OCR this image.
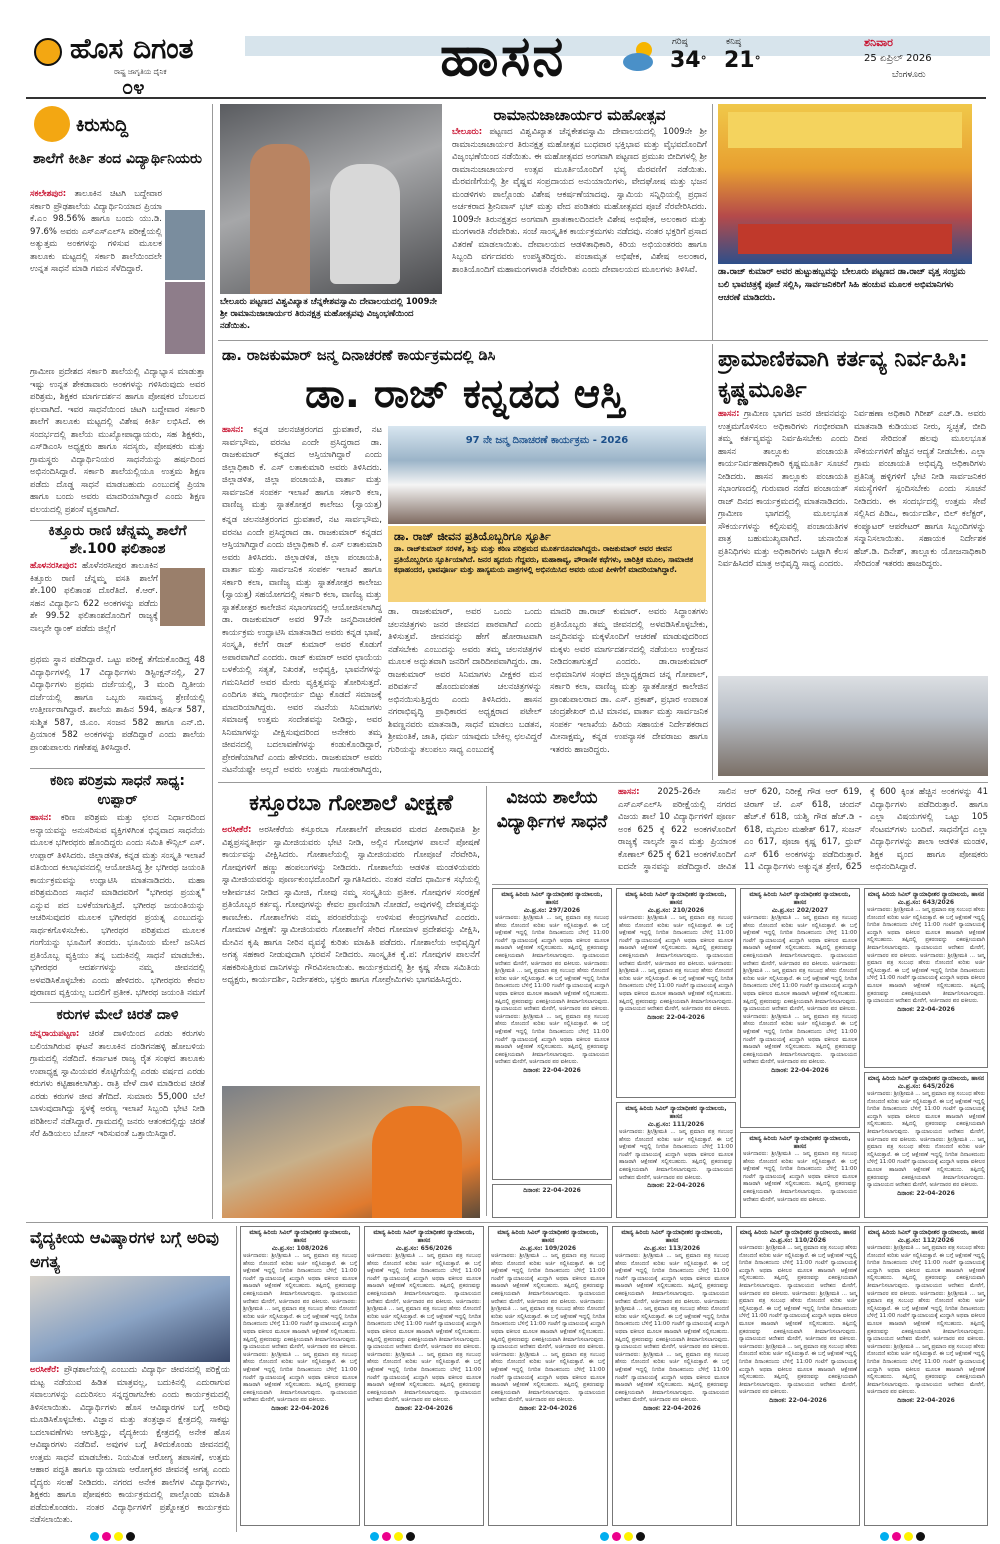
ಹೊಸ ದಿಗಂತ
ರಾಷ್ಟ್ರ ಜಾಗೃತಿಯ ದೈನಿಕ
೦೪	ಹಾಸನ	ಗರಿಷ್ಠ
34°
ಕನಿಷ್ಠ
21°
ಶನಿವಾರ
25 ಏಪ್ರಿಲ್ 2026
ಬೆಂಗಳೂರು
ಕಿರುಸುದ್ದಿ
ಶಾಲೆಗೆ ಕೀರ್ತಿ ತಂದ ವಿದ್ಯಾರ್ಥಿನಿಯರು
ಸಕಲೇಶಪುರ: ತಾಲೂಕಿನ ಚಿಟಗಿ ಬದ್ದೇವಾರ ಸರ್ಕಾರಿ ಪ್ರೌಢಶಾಲೆಯ ವಿದ್ಯಾರ್ಥಿನಿಯಾದ ಪ್ರಿಯಾ ಕೆ.ಎ೦ 98.56% ಹಾಗೂ ಬಂದು ಯು.ಡಿ. 97.6% ಅವರು ಎಸ್ಎಸ್ಎಲ್‌ಸಿ ಪರೀಕ್ಷೆಯಲ್ಲಿ ಅತ್ಯುತ್ತಮ ಅಂಕಗಳನ್ನು ಗಳಿಸುವ ಮೂಲಕ ತಾಲೂಕು ಮಟ್ಟದಲ್ಲಿ ಸರ್ಕಾರಿ ಶಾಲೆಯಿಂದಲೇ ಉನ್ನತ ಸಾಧನೆ ಮಾಡಿ ಗಮನ ಸೆಳೆದಿದ್ದಾರೆ.
ಗ್ರಾಮೀಣ ಪ್ರದೇಶದ ಸರ್ಕಾರಿ ಶಾಲೆಯಲ್ಲಿ ವಿದ್ಯಾಭ್ಯಾಸ ಮಾಡುತ್ತಾ ಇಷ್ಟು ಉನ್ನತ ಶೇಕಡಾವಾರು ಅಂಕಗಳನ್ನು ಗಳಿಸಿರುವುದು ಅವರ ಪರಿಶ್ರಮ, ಶಿಕ್ಷಕರ ಮಾರ್ಗದರ್ಶನ ಹಾಗೂ ಪೋಷಕರ ಬೆಂಬಲದ ಫಲವಾಗಿದೆ. ಇವರ ಸಾಧನೆಯಿಂದ ಚಿಟಗಿ ಬದ್ದೇವಾರ ಸರ್ಕಾರಿ ಶಾಲೆಗೆ ತಾಲೂಕು ಮಟ್ಟದಲ್ಲಿ ವಿಶೇಷ ಕೀರ್ತಿ ಲಭಿಸಿದೆ. ಈ ಸಂದರ್ಭದಲ್ಲಿ ಶಾಲೆಯ ಮುಖ್ಯೋಪಾಧ್ಯಾಯರು, ಸಹ ಶಿಕ್ಷಕರು, ಎಸ್‌ಡಿಎಂಸಿ ಅಧ್ಯಕ್ಷರು ಹಾಗೂ ಸದಸ್ಯರು, ಪೋಷಕರು ಮತ್ತು ಗ್ರಾಮಸ್ಥರು ವಿದ್ಯಾರ್ಥಿನಿಯರ ಸಾಧನೆಯನ್ನು ಹರ್ಷದಿಂದ ಅಭಿನಂದಿಸಿದ್ದಾರೆ. ಸರ್ಕಾರಿ ಶಾಲೆಯಲ್ಲಿಯೂ ಉತ್ತಮ ಶಿಕ್ಷಣ ಪಡೆದು ದೊಡ್ಡ ಸಾಧನೆ ಮಾಡಬಹುದು ಎಂಬುದಕ್ಕೆ ಪ್ರಿಯಾ ಹಾಗೂ ಬಂದು ಅವರು ಮಾದರಿಯಾಗಿದ್ದಾರೆ ಎಂದು ಶಿಕ್ಷಣ ವಲಯದಲ್ಲಿ ಪ್ರಶಂಸೆ ವ್ಯಕ್ತವಾಗಿದೆ.
ಕಿತ್ತೂರು ರಾಣಿ ಚೆನ್ನಮ್ಮ ಶಾಲೆಗೆ ಶೇ.100 ಫಲಿತಾಂಶ
ಹೊಳನರಸೀಪುರ: ಹೊಳೆನರಸೀಪುರ ತಾಲೂಕಿನ ಕಿತ್ತೂರು ರಾಣಿ ಚೆನ್ನಮ್ಮ ವಸತಿ ಶಾಲೆಗೆ ಶೇ.100 ಫಲಿತಾಂಶ ದೊರೆತಿದೆ. ಕೆ.ಆರ್. ಸಹನ ವಿದ್ಯಾರ್ಥಿನಿ 622 ಅಂಕಗಳನ್ನು ಪಡೆದು ಶೇ 99.52 ಫಲಿತಾಂಶದೊಂದಿಗೆ ರಾಜ್ಯಕ್ಕೆ ನಾಲ್ಕನೇ ರ್‍ಯಾಂಕ್ ಪಡೆದು ಜಿಲ್ಲೆಗೆ
ಪ್ರಥಮ ಸ್ಥಾನ ಪಡೆದಿದ್ದಾರೆ. ಒಟ್ಟು ಪರೀಕ್ಷೆ ತೆಗೆದುಕೊಂಡಿದ್ದ 48 ವಿದ್ಯಾರ್ಥಿಗಳಲ್ಲಿ 17 ವಿದ್ಯಾರ್ಥಿಗಳು ಡಿಸ್ಟಿಂಕ್ಷನ್‌ನಲ್ಲಿ, 27 ವಿದ್ಯಾರ್ಥಿಗಳು ಪ್ರಥಮ ದರ್ಜೆಯಲ್ಲಿ, 3 ಮಂದಿ ದ್ವಿತೀಯ ದರ್ಜೆಯಲ್ಲಿ ಹಾಗೂ ಒಬ್ಬರು ಸಾಮಾನ್ಯ ಶ್ರೇಣಿಯಲ್ಲಿ ಉತ್ತೀರ್ಣರಾಗಿದ್ದಾರೆ. ಶಾಲೆಯ ಶಾಹಿನ 594, ಹರ್ಷಿತ 587, ಸುಶ್ಮಿತ 587, ಜಿ.ಎಂ. ಸಂಜನ 582 ಹಾಗೂ ಎನ್.ಬಿ. ಪ್ರಿಯಾಂಕ 582 ಅಂಕಗಳನ್ನು ಪಡೆದಿದ್ದಾರೆ ಎಂದು ಶಾಲೆಯ ಪ್ರಾಂಶುಪಾಲರು ಗಣೇಶಪ್ಪ ತಿಳಿಸಿದ್ದಾರೆ.
ಕಠಿಣ ಪರಿಶ್ರಮ ಸಾಧನೆ ಸಾಧ್ಯ: ಉಪ್ಪಾರ್
ಹಾಸನ: ಕಠಿಣ ಪರಿಶ್ರಮ ಮತ್ತು ಛಲದ ನಿರ್ಧಾರದಿಂದ ಅನ್ಯಾಯವನ್ನು ಅನುಸರಿಸುವ ವ್ಯಕ್ತಿಗಳಿಗಿಂತ ಭಿನ್ನವಾದ ಸಾಧನೆಯ ಮೂಲಕ ಭಗೀರಥರು ಹೊಂದಿದ್ದರು ಎಂದು ಸಮಿತಿ ಕೌನ್ಸಿಲ್ ಎಸ್. ಉಪ್ಪಾರ್ ತಿಳಿಸಿದರು. ಜಿಲ್ಲಾಡಳಿತ, ಕನ್ನಡ ಮತ್ತು ಸಂಸ್ಕೃತಿ ಇಲಾಖೆ ವತಿಯಿಂದ ಕಲಾಭವನದಲ್ಲಿ ಆಯೋಜಿಸಿದ್ದ ಶ್ರೀ ಭಗೀರಥ ಜಯಂತಿ ಕಾರ್ಯಕ್ರಮವನ್ನು ಉದ್ಘಾಟಿಸಿ ಮಾತನಾಡಿದರು. ಮಹಾ ಪರಿಶ್ರಮದಿಂದ ಸಾಧನೆ ಮಾಡಿದವರಿಗೆ "ಭಗೀರಥ ಪ್ರಯತ್ನ" ಎನ್ನುವ ಪದ ಬಳಕೆಯಾಗುತ್ತಿದೆ. ಭಗೀರಥ ಜಯಂತಿಯನ್ನು ಆಚರಿಸುವುದರ ಮೂಲಕ ಭಗೀರಥರ ಪ್ರಯತ್ನ ಎಂಬುದನ್ನು ಸಾರ್ಥಕಗೊಳಿಸಬೇಕು. ಭಗೀರಥರ ಪರಿಶ್ರಮದ ಮೂಲಕ ಗಂಗೆಯನ್ನು ಭೂಮಿಗೆ ತಂದರು. ಭೂಮಿಯ ಮೇಲೆ ಜನಿಸಿದ ಪ್ರತಿಯೊಬ್ಬ ವ್ಯಕ್ತಿಯು ತನ್ನ ಬದುಕಿನಲ್ಲಿ ಸಾಧನೆ ಮಾಡಬೇಕು. ಭಗೀರಥರ ಆದರ್ಶಗಳನ್ನು ನಮ್ಮ ಜೀವನದಲ್ಲಿ ಅಳವಡಿಸಿಕೊಳ್ಳಬೇಕು ಎಂದು ಹೇಳಿದರು. ಭಗೀರಥರು ಕೇವಲ ಪುರಾಣದ ವ್ಯಕ್ತಿಯಲ್ಲ ಬದಲಿಗೆ ಪ್ರತೀಕ. ಭಗೀರಥ ಜಯಂತಿ ನಮಗೆ
ಕರುಗಳ ಮೇಲೆ ಚಿರತೆ ದಾಳಿ
ಚನ್ನರಾಯಪಟ್ಟಣ: ಚಿರತೆ ದಾಳಿಯಿಂದ ಎರಡು ಕರುಗಳು ಬಲಿಯಾಗಿರುವ ಘಟನೆ ತಾಲೂಕಿನ ದಂಡಿಗನಹಳ್ಳಿ ಹೋಬಳಿಯ ಗ್ರಾಮದಲ್ಲಿ ನಡೆದಿದೆ. ಕರ್ನಾಟಕ ರಾಜ್ಯ ರೈತ ಸಂಘದ ತಾಲೂಕು ಉಪಾಧ್ಯಕ್ಷ ಸ್ವಾಮಿಯವರ ಕೊಟ್ಟಿಗೆಯಲ್ಲಿ ಎರಡು ವರ್ಷದ ಎರಡು ಕರುಗಳು ಕಟ್ಟಿಹಾಕಲಾಗಿತ್ತು. ರಾತ್ರಿ ವೇಳೆ ದಾಳಿ ಮಾಡಿರುವ ಚಿರತೆ ಎರಡು ಕರುಗಳ ಜೀವ ತೆಗೆದಿದೆ. ಸುಮಾರು 55,000 ಬೆಲೆ ಬಾಳುವುದಾಗಿದ್ದು ಸ್ಥಳಕ್ಕೆ ಅರಣ್ಯ ಇಲಾಖೆ ಸಿಬ್ಬಂದಿ ಭೇಟಿ ನೀಡಿ ಪರಿಶೀಲನೆ ನಡೆಸಿದ್ದಾರೆ. ಗ್ರಾಮದಲ್ಲಿ ಜನರು ಆತಂಕದಲ್ಲಿದ್ದು ಚಿರತೆ ಸೆರೆ ಹಿಡಿಯಲು ಬೋನ್ ಇರಿಸುವಂತೆ ಒತ್ತಾಯಿಸಿದ್ದಾರೆ.
ಬೇಲೂರು ಪಟ್ಟಣದ ವಿಶ್ವವಿಖ್ಯಾತ ಚೆನ್ನಕೇಶವಸ್ವಾಮಿ ದೇವಾಲಯದಲ್ಲಿ 1009ನೇ ಶ್ರೀ ರಾಮಾನುಜಾಚಾರ್ಯರ ತಿರುನಕ್ಷತ್ರ ಮಹೋತ್ಸವವು ವಿಜೃಂಭಣೆಯಿಂದ ನಡೆಯಿತು.
ರಾಮಾನುಜಾಚಾರ್ಯರ ಮಹೋತ್ಸವ
ಬೇಲೂರು: ಪಟ್ಟಣದ ವಿಶ್ವವಿಖ್ಯಾತ ಚೆನ್ನಕೇಶವಸ್ವಾಮಿ ದೇವಾಲಯದಲ್ಲಿ 1009ನೇ ಶ್ರೀ ರಾಮಾನುಜಾಚಾರ್ಯರ ತಿರುನಕ್ಷತ್ರ ಮಹೋತ್ಸವ ಬುಧವಾರ ಭಕ್ತಿಭಾವ ಮತ್ತು ವೈಭವದೊಂದಿಗೆ ವಿಜೃಂಭಣೆಯಿಂದ ನಡೆಯಿತು. ಈ ಮಹೋತ್ಸವದ ಅಂಗವಾಗಿ ಪಟ್ಟಣದ ಪ್ರಮುಖ ಬೀದಿಗಳಲ್ಲಿ ಶ್ರೀ ರಾಮಾನುಜಾಚಾರ್ಯರ ಉತ್ಸವ ಮೂರ್ತಿಯೊಂದಿಗೆ ಭವ್ಯ ಮೆರವಣಿಗೆ ನಡೆಯಿತು. ಮೆರವಣಿಗೆಯಲ್ಲಿ ಶ್ರೀ ವೈಷ್ಣವ ಸಂಪ್ರದಾಯದ ಅನುಯಾಯಿಗಳು, ವೇದಘೋಷ ಮತ್ತು ಭಜನ ಮಂಡಳಿಗಳು ಪಾಲ್ಗೊಂಡು ವಿಶೇಷ ಆಕರ್ಷಣೆಯಾದವು. ಸ್ವಾಮಿಯ ಸನ್ನಿಧಿಯಲ್ಲಿ ಪ್ರಧಾನ ಅರ್ಚಕರಾದ ಶ್ರೀನಿವಾಸ್ ಭಟ್ ಮತ್ತು ವೇದ ಪಂಡಿತರು ಮಹೋತ್ಸವದ ಪೂಜೆ ನೆರವೇರಿಸಿದರು. 1009ನೇ ತಿರುನಕ್ಷತ್ರದ ಅಂಗವಾಗಿ ಪ್ರಾತಃಕಾಲದಿಂದಲೇ ವಿಶೇಷ ಅಭಿಷೇಕ, ಅಲಂಕಾರ ಮತ್ತು ಮಂಗಳಾರತಿ ನೆರವೇರಿತು. ಸಂಜೆ ಸಾಂಸ್ಕೃತಿಕ ಕಾರ್ಯಕ್ರಮಗಳು ನಡೆದವು. ನಂತರ ಭಕ್ತರಿಗೆ ಪ್ರಸಾದ ವಿತರಣೆ ಮಾಡಲಾಯಿತು. ದೇವಾಲಯದ ಆಡಳಿತಾಧಿಕಾರಿ, ಕಿರಿಯ ಅಭಿಯಂತರರು ಹಾಗೂ ಸಿಬ್ಬಂದಿ ವರ್ಗದವರು ಉಪಸ್ಥಿತರಿದ್ದರು. ಪಂಚಾಮೃತ ಅಭಿಷೇಕ, ವಿಶೇಷ ಅಲಂಕಾರ, ಶಾಂತಿಯೊಂದಿಗೆ ಮಹಾಮಂಗಳಾರತಿ ನೆರವೇರಿತು ಎಂದು ದೇವಾಲಯದ ಮೂಲಗಳು ತಿಳಿಸಿವೆ.	ಡಾ.ರಾಜ್ ಕುಮಾರ್ ಅವರ ಹುಟ್ಟುಹಬ್ಬವನ್ನು ಬೇಲೂರು ಪಟ್ಟಣದ ಡಾ.ರಾಜ್ ವೃತ್ತ ಸಂಭ್ರಮ ಬಲಿ ಭಾವಚಿತ್ರಕ್ಕೆ ಪೂಜೆ ಸಲ್ಲಿಸಿ, ಸಾರ್ವಜನಿಕರಿಗೆ ಸಿಹಿ ಹಂಚುವ ಮೂಲಕ ಅಭಿಮಾನಿಗಳು ಆಚರಣೆ ಮಾಡಿದರು.
ಡಾ. ರಾಜಕುಮಾರ್ ಜನ್ಮ ದಿನಾಚರಣೆ ಕಾರ್ಯಕ್ರಮದಲ್ಲಿ ಡಿಸಿ
ಡಾ. ರಾಜ್ ಕನ್ನಡದ ಆಸ್ತಿ
ಹಾಸನ: ಕನ್ನಡ ಚಲನಚಿತ್ರರಂಗದ ಧ್ರುವತಾರೆ, ನಟ ಸಾರ್ವಭೌಮ, ವರನಟ ಎಂದೇ ಪ್ರಸಿದ್ಧರಾದ ಡಾ. ರಾಜಕುಮಾರ್ ಕನ್ನಡದ ಆಸ್ತಿಯಾಗಿದ್ದಾರೆ ಎಂದು ಜಿಲ್ಲಾಧಿಕಾರಿ ಕೆ. ಎಸ್ ಲತಾಕುಮಾರಿ ಅವರು ತಿಳಿಸಿದರು. ಜಿಲ್ಲಾಡಳಿತ, ಜಿಲ್ಲಾ ಪಂಚಾಯತಿ, ವಾರ್ತಾ ಮತ್ತು ಸಾರ್ವಜನಿಕ ಸಂಪರ್ಕ ಇಲಾಖೆ ಹಾಗೂ ಸರ್ಕಾರಿ ಕಲಾ, ವಾಣಿಜ್ಯ ಮತ್ತು ಸ್ನಾತಕೋತ್ತರ ಕಾಲೇಜು (ಸ್ವಾಯತ್ತ)
97 ನೇ ಜನ್ಮ ದಿನಾಚರಣೆ ಕಾರ್ಯಕ್ರಮ - 2026
ಡಾ. ರಾಜ್ ಜೀವನ ಪ್ರತಿಯೊಬ್ಬರಿಗೂ ಸ್ಫೂರ್ತಿ
ಡಾ. ರಾಜ್‌ಕುಮಾರ್ ಸರಳತೆ, ಶಿಸ್ತು ಮತ್ತು ಕಠಿಣ ಪರಿಶ್ರಮದ ಮೂರ್ತರೂಪವಾಗಿದ್ದರು. ರಾಜಕುಮಾರ್ ಅವರ ಜೀವನ ಪ್ರತಿಯೊಬ್ಬರಿಗೂ ಸ್ಫೂರ್ತಿಯಾಗಿದೆ. ಜನರ ಹೃದಯ ಗೆದ್ದವರು, ಮಹಾಕಾವ್ಯ, ಪೌರಾಣಿಕ ಕಥೆಗಳು, ಚಾರಿತ್ರಿಕ ಮೂಲ, ಸಾಮಾಜಿಕ ಕಥಾಹಂದರ, ಭಾವಪೂರ್ಣ ಮತ್ತು ಹಾಸ್ಯಮಯ ಪಾತ್ರಗಳಲ್ಲಿ ಅಭಿನಯಿಸಿದ ಅವರು ಯುವ ಪೀಳಿಗೆಗೆ ಮಾದರಿಯಾಗಿದ್ದಾರೆ.
ಕನ್ನಡ ಚಲನಚಿತ್ರರಂಗದ ಧ್ರುವತಾರೆ, ನಟ ಸಾರ್ವಭೌಮ, ವರನಟ ಎಂದೇ ಪ್ರಸಿದ್ಧರಾದ ಡಾ. ರಾಜಕುಮಾರ್ ಕನ್ನಡದ ಆಸ್ತಿಯಾಗಿದ್ದಾರೆ ಎಂದು ಜಿಲ್ಲಾಧಿಕಾರಿ ಕೆ. ಎಸ್ ಲತಾಕುಮಾರಿ ಅವರು ತಿಳಿಸಿದರು. ಜಿಲ್ಲಾಡಳಿತ, ಜಿಲ್ಲಾ ಪಂಚಾಯತಿ, ವಾರ್ತಾ ಮತ್ತು ಸಾರ್ವಜನಿಕ ಸಂಪರ್ಕ ಇಲಾಖೆ ಹಾಗೂ ಸರ್ಕಾರಿ ಕಲಾ, ವಾಣಿಜ್ಯ ಮತ್ತು ಸ್ನಾತಕೋತ್ತರ ಕಾಲೇಜು (ಸ್ವಾಯತ್ತ) ಸಹಯೋಗದಲ್ಲಿ ಸರ್ಕಾರಿ ಕಲಾ, ವಾಣಿಜ್ಯ ಮತ್ತು ಸ್ನಾತಕೋತ್ತರ ಕಾಲೇಜಿನ ಸಭಾಂಗಣದಲ್ಲಿ ಆಯೋಜಿಸಲಾಗಿದ್ದ ಡಾ. ರಾಜಕುಮಾರ್ ಅವರ 97ನೇ ಜನ್ಮದಿನಾಚರಣೆ ಕಾರ್ಯಕ್ರಮ ಉದ್ಘಾಟಿಸಿ ಮಾತನಾಡಿದ ಅವರು ಕನ್ನಡ ಭಾಷೆ, ಸಂಸ್ಕೃತಿ, ಕಲೆಗೆ ರಾಜ್ ಕುಮಾರ್ ಅವರ ಕೊಡುಗೆ ಅಪಾರವಾಗಿದೆ ಎಂದರು. ರಾಜ್ ಕುಮಾರ್ ಅವರ ಛಾಯೆಯ ಬಳಕೆಯಲ್ಲಿ ಸತ್ಯತೆ, ನಿಖರತೆ, ಅಭಿವ್ಯಕ್ತಿ, ಭಾವನೆಗಳನ್ನು ಗಮನಿಸಿದರೆ ಅವರ ಮೇರು ವ್ಯಕ್ತಿತ್ವವನ್ನು ತೋರಿಸುತ್ತದೆ. ಎಂದಿಗೂ ತಮ್ಮ ಗಾಂಭೀರ್ಯ ಬಿಟ್ಟು ಕೊಡದೆ ಸಮಾಜಕ್ಕೆ ಮಾದರಿಯಾಗಿದ್ದರು. ಅವರ ನಟನೆಯ ಸಿನಿಮಾಗಳು ಸಮಾಜಕ್ಕೆ ಉತ್ತಮ ಸಂದೇಶವನ್ನು ನೀಡಿದ್ದು, ಅವರ ಸಿನಿಮಾಗಳನ್ನು ವೀಕ್ಷಿಸುವುದರಿಂದ ಅನೇಕರು ತಮ್ಮ ಜೀವನದಲ್ಲಿ ಬದಲಾವಣೆಗಳನ್ನು ಕಂಡುಕೊಂಡಿದ್ದಾರೆ, ಪ್ರೇರಣೆಯಾಗಿವೆ ಎಂದು ಹೇಳಿದರು. ರಾಜಕುಮಾರ್ ಅವರು ನಟನೆಯಷ್ಟೇ ಅಲ್ಲದೆ ಅವರು ಉತ್ತಮ ಗಾಯಕರಾಗಿದ್ದರು,
ಡಾ. ರಾಜಕುಮಾರ್, ಅವರ ಒಂದು ಒಂದು ಚಲನಚಿತ್ರಗಳು ಜನರ ಜೀವನದ ಪಾಠವಾಗಿದೆ ಎಂದು ತಿಳಿಸುತ್ತವೆ. ಜೀವನವನ್ನು ಹೇಗೆ ಹೋರಾಟವಾಗಿ ನಡೆಸಬೇಕು ಎಂಬುದನ್ನು ಅವರು ತಮ್ಮ ಚಲನಚಿತ್ರಗಳ ಮೂಲಕ ಅದ್ಭುತವಾಗಿ ಜನರಿಗೆ ದಾರಿದೀಪವಾಗಿದ್ದರು. ಡಾ. ರಾಜಕುಮಾರ್ ಅವರ ಸಿನಿಮಾಗಳು ವೀಕ್ಷಕರ ಮನ ಪರಿವರ್ತನೆ ಹೊಂದುವಂತಹ ಚಲನಚಿತ್ರಗಳನ್ನು ಅಭಿನಯಿಸುತ್ತಿದ್ದರು ಎಂದು ತಿಳಿಸಿದರು. ಹಾಸನ ನಗರಾಭಿವೃದ್ಧಿ ಪ್ರಾಧಿಕಾರದ ಅಧ್ಯಕ್ಷರಾದ ಪಟೇಲ್ ಶಿವಣ್ಣನವರು ಮಾತನಾಡಿ, ಸಾಧನೆ ಮಾಡಲು ಬಡತನ, ಶ್ರೀಮಂತಿಕೆ, ಜಾತಿ, ಧರ್ಮ ಯಾವುದು ಬೇಕಿಲ್ಲ ಛಲವಿದ್ದರೆ ಗುರಿಯನ್ನು ತಲುಪಲು ಸಾಧ್ಯ ಎಂಬುದಕ್ಕೆ
ಮಾದರಿ ಡಾ.ರಾಜ್ ಕುಮಾರ್. ಅವರು ಸಿದ್ಧಾಂತಗಳು ಪ್ರತಿಯೊಬ್ಬರು ತಮ್ಮ ಜೀವನದಲ್ಲಿ ಅಳವಡಿಸಿಕೊಳ್ಳಬೇಕು, ಜನ್ಮದಿನವನ್ನು ಮಕ್ಕಳೊಂದಿಗೆ ಆಚರಣೆ ಮಾಡುವುದರಿಂದ ಮಕ್ಕಳು ಅವರ ಮಾರ್ಗದರ್ಶನದಲ್ಲಿ ನಡೆಯಲು ಉತ್ತೇಜನ ನೀಡಿದಂತಾಗುತ್ತದೆ ಎಂದರು. ಡಾ.ರಾಜಕುಮಾರ್ ಅಭಿಮಾನಿಗಳ ಸಂಘದ ಜಿಲ್ಲಾಧ್ಯಕ್ಷರಾದ ಚನ್ನ ಗೋಪಾಲ್, ಸರ್ಕಾರಿ ಕಲಾ, ವಾಣಿಜ್ಯ ಮತ್ತು ಸ್ನಾತಕೋತ್ತರ ಕಾಲೇಜಿನ ಪ್ರಾಂಶುಪಾಲರಾದ ಡಾ. ಎಸ್. ಪ್ರಕಾಶ್, ಪ್ರಭಾರ ಉಪಾಂತ ಚಂದ್ರಶೇಖರ್ ಬಿ.ಟಿ ಮಾನವ, ವಾರ್ತಾ ಮತ್ತು ಸಾರ್ವಜನಿಕ ಸಂಪರ್ಕ ಇಲಾಖೆಯ ಹಿರಿಯ ಸಹಾಯಕ ನಿರ್ದೇಶಕರಾದ ಮೀನಾಕ್ಷಮ್ಮ, ಕನ್ನಡ ಉಪನ್ಯಾಸಕ ದೇವರಾಜು ಹಾಗೂ ಇತರರು ಹಾಜರಿದ್ದರು.
ಪ್ರಾಮಾಣಿಕವಾಗಿ ಕರ್ತವ್ಯ ನಿರ್ವಹಿಸಿ: ಕೃಷ್ಣಮೂರ್ತಿ
ಹಾಸನ: ಗ್ರಾಮೀಣ ಭಾಗದ ಜನರ ಜೀವನವನ್ನು ಉತ್ತಮಗೊಳಿಸಲು ಅಧಿಕಾರಿಗಳು ಗಂಭೀರವಾಗಿ ತಮ್ಮ ಕರ್ತವ್ಯವನ್ನು ನಿರ್ವಹಿಸಬೇಕು ಎಂದು ಹಾಸನ ತಾಲ್ಲೂಕು ಪಂಚಾಯತಿ ಕಾರ್ಯನಿರ್ವಹಣಾಧಿಕಾರಿ ಕೃಷ್ಣಮೂರ್ತಿ ಸೂಚನೆ ನೀಡಿದರು. ಹಾಸನ ತಾಲ್ಲೂಕು ಪಂಚಾಯತಿ ಸಭಾಂಗಣದಲ್ಲಿ ಗುರುವಾರ ನಡೆದ ಪಂಚಾಯತ್ ರಾಜ್ ದಿನದ ಕಾರ್ಯಕ್ರಮದಲ್ಲಿ ಮಾತನಾಡಿದರು. ಗ್ರಾಮೀಣ ಭಾಗದಲ್ಲಿ ಮೂಲಭೂತ ಸೌಕರ್ಯಗಳನ್ನು ಕಲ್ಪಿಸುವಲ್ಲಿ ಪಂಚಾಯತಿಗಳ ಪಾತ್ರ ಬಹುಮುಖ್ಯವಾಗಿದೆ. ಚುನಾಯಿತ ಪ್ರತಿನಿಧಿಗಳು ಮತ್ತು ಅಧಿಕಾರಿಗಳು ಒಟ್ಟಾಗಿ ಕೆಲಸ ನಿರ್ವಹಿಸಿದರೆ ಮಾತ್ರ ಅಭಿವೃದ್ಧಿ ಸಾಧ್ಯ ಎಂದರು.
ನಿರ್ವಹಣಾ ಅಧಿಕಾರಿ ಗಿರೀಶ್ ಎಚ್.ಡಿ. ಅವರು ಮಾತನಾಡಿ ಕುಡಿಯುವ ನೀರು, ಸ್ವಚ್ಛತೆ, ಬೀದಿ ದೀಪ ಸೇರಿದಂತೆ ಹಲವು ಮೂಲಭೂತ ಸೌಕರ್ಯಗಳಿಗೆ ಹೆಚ್ಚಿನ ಆದ್ಯತೆ ನೀಡಬೇಕು. ಎಲ್ಲಾ ಗ್ರಾಮ ಪಂಚಾಯತಿ ಅಭಿವೃದ್ಧಿ ಅಧಿಕಾರಿಗಳು ಪ್ರತಿನಿತ್ಯ ಹಳ್ಳಿಗಳಿಗೆ ಭೇಟಿ ನೀಡಿ ಸಾರ್ವಜನಿಕರ ಸಮಸ್ಯೆಗಳಿಗೆ ಸ್ಪಂದಿಸಬೇಕು ಎಂದು ಸೂಚನೆ ನೀಡಿದರು. ಈ ಸಂದರ್ಭದಲ್ಲಿ ಉತ್ತಮ ಸೇವೆ ಸಲ್ಲಿಸಿದ ಪಿಡಿಒ, ಕಾರ್ಯದರ್ಶಿ, ಬಿಲ್ ಕಲೆಕ್ಟರ್, ಕಂಪ್ಯೂಟರ್ ಆಪರೇಟರ್ ಹಾಗೂ ಸಿಬ್ಬಂದಿಗಳನ್ನು ಸನ್ಮಾನಿಸಲಾಯಿತು. ಸಹಾಯಕ ನಿರ್ದೇಶಕ ಹೆಚ್.ಡಿ. ದಿನೇಶ್, ತಾಲ್ಲೂಕು ಯೋಜನಾಧಿಕಾರಿ ಸೇರಿದಂತೆ ಇತರರು ಹಾಜರಿದ್ದರು.
ಕಸ್ತೂರಬಾ ಗೋಶಾಲೆ ವೀಕ್ಷಣೆ
ಅರಸೀಕೆರೆ: ಅರಸೀಕೆರೆಯ ಕಸ್ತೂರಬಾ ಗೋಶಾಲೆಗೆ ಪೇಜಾವರ ಮಠದ ಪೀಠಾಧಿಪತಿ ಶ್ರೀ ವಿಶ್ವಪ್ರಸನ್ನತೀರ್ಥ ಸ್ವಾಮೀಜಿಯವರು ಭೇಟಿ ನೀಡಿ, ಅಲ್ಲಿನ ಗೋವುಗಳ ಪಾಲನೆ ಪೋಷಣೆ ಕಾರ್ಯವನ್ನು ವೀಕ್ಷಿಸಿದರು. ಗೋಶಾಲೆಯಲ್ಲಿ ಸ್ವಾಮೀಜಿಯವರು ಗೋಪೂಜೆ ನೆರವೇರಿಸಿ, ಗೋವುಗಳಿಗೆ ಹಣ್ಣು ಹಂಪಲುಗಳನ್ನು ನೀಡಿದರು. ಗೋಶಾಲೆಯ ಆಡಳಿತ ಮಂಡಳಿಯವರು ಸ್ವಾಮೀಜಿಯವರನ್ನು ಪೂರ್ಣಕುಂಭದೊಂದಿಗೆ ಸ್ವಾಗತಿಸಿದರು. ನಂತರ ನಡೆದ ಧಾರ್ಮಿಕ ಸಭೆಯಲ್ಲಿ ಆಶೀರ್ವಚನ ನೀಡಿದ ಸ್ವಾಮೀಜಿ, ಗೋವು ನಮ್ಮ ಸಂಸ್ಕೃತಿಯ ಪ್ರತೀಕ. ಗೋವುಗಳ ಸಂರಕ್ಷಣೆ ಪ್ರತಿಯೊಬ್ಬರ ಕರ್ತವ್ಯ. ಗೋವುಗಳನ್ನು ಕೇವಲ ಪ್ರಾಣಿಯಾಗಿ ನೋಡದೆ, ಅವುಗಳಲ್ಲಿ ದೇವತ್ವವನ್ನು ಕಾಣಬೇಕು. ಗೋಶಾಲೆಗಳು ನಮ್ಮ ಪರಂಪರೆಯನ್ನು ಉಳಿಸುವ ಕೇಂದ್ರಗಳಾಗಿವೆ ಎಂದರು. ಗೋಮಾಳ ವೀಕ್ಷಣೆ: ಸ್ವಾಮೀಜಿಯವರು ಗೋಶಾಲೆಗೆ ಸೇರಿದ ಗೋಮಾಳ ಪ್ರದೇಶವನ್ನು ವೀಕ್ಷಿಸಿ, ಮೇವಿನ ಕೃಷಿ ಹಾಗೂ ನೀರಿನ ವ್ಯವಸ್ಥೆ ಕುರಿತು ಮಾಹಿತಿ ಪಡೆದರು. ಗೋಶಾಲೆಯ ಅಭಿವೃದ್ಧಿಗೆ ಅಗತ್ಯ ಸಹಕಾರ ನೀಡುವುದಾಗಿ ಭರವಸೆ ನೀಡಿದರು. ಸಾಂಸ್ಕೃತಿಕ ಕೈ.ಪ: ಗೋವುಗಳ ಪಾಲನೆಗೆ ಸಹಕರಿಸುತ್ತಿರುವ ದಾನಿಗಳನ್ನು ಗೌರವಿಸಲಾಯಿತು. ಕಾರ್ಯಕ್ರಮದಲ್ಲಿ ಶ್ರೀ ಕೃಷ್ಣ ಸೇವಾ ಸಮಿತಿಯ ಅಧ್ಯಕ್ಷರು, ಕಾರ್ಯದರ್ಶಿ, ನಿರ್ದೇಶಕರು, ಭಕ್ತರು ಹಾಗೂ ಗೋಪ್ರೇಮಿಗಳು ಭಾಗವಹಿಸಿದ್ದರು.
ವಿಜಯ ಶಾಲೆಯ ವಿದ್ಯಾರ್ಥಿಗಳ ಸಾಧನೆ
ಹಾಸನ: 2025-26ನೇ ಸಾಲಿನ ಎಸ್ಎಸ್ಎಲ್‌ಸಿ ಪರೀಕ್ಷೆಯಲ್ಲಿ ನಗರದ ವಿಜಯ ಶಾಲೆ 10 ವಿದ್ಯಾರ್ಥಿಗಳಿಗೆ ಪೂರ್ಣ ಅಂಕ 625 ಕ್ಕೆ 622 ಅಂಕಗಳೊಂದಿಗೆ ರಾಜ್ಯಕ್ಕೆ ನಾಲ್ಕನೇ ಸ್ಥಾನ ಮತ್ತು ಪ್ರಿಯಾಂಕ ಕೊಣಾಲ್ 625 ಕ್ಕೆ 621 ಅಂಕಗಳೊಂದಿಗೆ ಐದನೇ ಸ್ಥಾನವನ್ನು ಪಡೆದಿದ್ದಾರೆ. ಜೀವಿತ ಆರ್ 620, ನಿರೀಕ್ಷೆ ಗೌಡ ಆರ್ 619, ಚಿರಾಗ್ ಜೆ. ಎಸ್ 618, ಚಂದನ್ ಹೆಚ್.ಕೆ 618, ಯಶ್ವಿ ಗೌಡ ಹೆಚ್.ಡಿ - 618, ಮೃದುಲ ಮಹೇಶ್ 617, ಸುಜನ್ ಎಂ 617, ಪೂಜಾ ಕೃಷ್ಣ 617, ಧ್ರುವ್ ಎಸ್ 616 ಅಂಕಗಳನ್ನು ಪಡೆದಿರುತ್ತಾರೆ. 11 ವಿದ್ಯಾರ್ಥಿಗಳು ಅತ್ಯುನ್ನತ ಶ್ರೇಣಿ, 625 ಕ್ಕೆ 600 ಕ್ಕಿಂತ ಹೆಚ್ಚಿನ ಅಂಕಗಳನ್ನು 41 ವಿದ್ಯಾರ್ಥಿಗಳು ಪಡೆದಿರುತ್ತಾರೆ. ಹಾಗೂ ಎಲ್ಲಾ ವಿಷಯಗಳಲ್ಲಿ ಒಟ್ಟು 105 ಸೆಂಟಮ್‌ಗಳು ಬಂದಿವೆ. ಸಾಧನೆಗೈದ ಎಲ್ಲಾ ವಿದ್ಯಾರ್ಥಿಗಳನ್ನು ಶಾಲಾ ಆಡಳಿತ ಮಂಡಳಿ, ಶಿಕ್ಷಕ ವೃಂದ ಹಾಗೂ ಪೋಷಕರು ಅಭಿನಂದಿಸಿದ್ದಾರೆ.
ಮಾನ್ಯ ಹಿರಿಯ ಸಿವಿಲ್ ನ್ಯಾಯಾಧೀಶರ ನ್ಯಾಯಾಲಯ, ಹಾಸನ
ಮಿ.ಪ್ರ.ಸಂ: 297/2026
ಅರ್ಜಿದಾರರು: ಶ್ರೀ/ಶ್ರೀಮತಿ ... ಜನ್ಮ ಪ್ರಮಾಣ ಪತ್ರ ಸಂಬಂಧ ಹೆಸರು ನೋಂದಣಿ ಕುರಿತು ಅರ್ಜಿ ಸಲ್ಲಿಸಿರುತ್ತಾರೆ. ಈ ಬಗ್ಗೆ ಆಕ್ಷೇಪಣೆ ಇದ್ದಲ್ಲಿ ನಿಗದಿತ ದಿನಾಂಕದಂದು ಬೆಳಿಗ್ಗೆ 11:00 ಗಂಟೆಗೆ ನ್ಯಾಯಾಲಯಕ್ಕೆ ಖುದ್ದಾಗಿ ಅಥವಾ ವಕೀಲರ ಮೂಲಕ ಹಾಜರಾಗಿ ಆಕ್ಷೇಪಣೆ ಸಲ್ಲಿಸಬಹುದು. ತಪ್ಪಿದಲ್ಲಿ ಪ್ರಕರಣವನ್ನು ಏಕಪಕ್ಷೀಯವಾಗಿ ತೀರ್ಮಾನಿಸಲಾಗುವುದು. ನ್ಯಾಯಾಲಯದ ಆದೇಶದ ಮೇರೆಗೆ, ಅರ್ಜಿದಾರರ ಪರ ವಕೀಲರು. ಅರ್ಜಿದಾರರು: ಶ್ರೀ/ಶ್ರೀಮತಿ ... ಜನ್ಮ ಪ್ರಮಾಣ ಪತ್ರ ಸಂಬಂಧ ಹೆಸರು ನೋಂದಣಿ ಕುರಿತು ಅರ್ಜಿ ಸಲ್ಲಿಸಿರುತ್ತಾರೆ. ಈ ಬಗ್ಗೆ ಆಕ್ಷೇಪಣೆ ಇದ್ದಲ್ಲಿ ನಿಗದಿತ ದಿನಾಂಕದಂದು ಬೆಳಿಗ್ಗೆ 11:00 ಗಂಟೆಗೆ ನ್ಯಾಯಾಲಯಕ್ಕೆ ಖುದ್ದಾಗಿ ಅಥವಾ ವಕೀಲರ ಮೂಲಕ ಹಾಜರಾಗಿ ಆಕ್ಷೇಪಣೆ ಸಲ್ಲಿಸಬಹುದು. ತಪ್ಪಿದಲ್ಲಿ ಪ್ರಕರಣವನ್ನು ಏಕಪಕ್ಷೀಯವಾಗಿ ತೀರ್ಮಾನಿಸಲಾಗುವುದು. ನ್ಯಾಯಾಲಯದ ಆದೇಶದ ಮೇರೆಗೆ, ಅರ್ಜಿದಾರರ ಪರ ವಕೀಲರು. ಅರ್ಜಿದಾರರು: ಶ್ರೀ/ಶ್ರೀಮತಿ ... ಜನ್ಮ ಪ್ರಮಾಣ ಪತ್ರ ಸಂಬಂಧ ಹೆಸರು ನೋಂದಣಿ ಕುರಿತು ಅರ್ಜಿ ಸಲ್ಲಿಸಿರುತ್ತಾರೆ. ಈ ಬಗ್ಗೆ ಆಕ್ಷೇಪಣೆ ಇದ್ದಲ್ಲಿ ನಿಗದಿತ ದಿನಾಂಕದಂದು ಬೆಳಿಗ್ಗೆ 11:00 ಗಂಟೆಗೆ ನ್ಯಾಯಾಲಯಕ್ಕೆ ಖುದ್ದಾಗಿ ಅಥವಾ ವಕೀಲರ ಮೂಲಕ ಹಾಜರಾಗಿ ಆಕ್ಷೇಪಣೆ ಸಲ್ಲಿಸಬಹುದು. ತಪ್ಪಿದಲ್ಲಿ ಪ್ರಕರಣವನ್ನು ಏಕಪಕ್ಷೀಯವಾಗಿ ತೀರ್ಮಾನಿಸಲಾಗುವುದು. ನ್ಯಾಯಾಲಯದ ಆದೇಶದ ಮೇರೆಗೆ, ಅರ್ಜಿದಾರರ ಪರ ವಕೀಲರು.
ದಿನಾಂಕ: 22-04-2026
ಮಾನ್ಯ ಹಿರಿಯ ಸಿವಿಲ್ ನ್ಯಾಯಾಧೀಶರ ನ್ಯಾಯಾಲಯ, ಹಾಸನ
ಮಿ.ಪ್ರ.ಸಂ: 210/2026
ಅರ್ಜಿದಾರರು: ಶ್ರೀ/ಶ್ರೀಮತಿ ... ಜನ್ಮ ಪ್ರಮಾಣ ಪತ್ರ ಸಂಬಂಧ ಹೆಸರು ನೋಂದಣಿ ಕುರಿತು ಅರ್ಜಿ ಸಲ್ಲಿಸಿರುತ್ತಾರೆ. ಈ ಬಗ್ಗೆ ಆಕ್ಷೇಪಣೆ ಇದ್ದಲ್ಲಿ ನಿಗದಿತ ದಿನಾಂಕದಂದು ಬೆಳಿಗ್ಗೆ 11:00 ಗಂಟೆಗೆ ನ್ಯಾಯಾಲಯಕ್ಕೆ ಖುದ್ದಾಗಿ ಅಥವಾ ವಕೀಲರ ಮೂಲಕ ಹಾಜರಾಗಿ ಆಕ್ಷೇಪಣೆ ಸಲ್ಲಿಸಬಹುದು. ತಪ್ಪಿದಲ್ಲಿ ಪ್ರಕರಣವನ್ನು ಏಕಪಕ್ಷೀಯವಾಗಿ ತೀರ್ಮಾನಿಸಲಾಗುವುದು. ನ್ಯಾಯಾಲಯದ ಆದೇಶದ ಮೇರೆಗೆ, ಅರ್ಜಿದಾರರ ಪರ ವಕೀಲರು. ಅರ್ಜಿದಾರರು: ಶ್ರೀ/ಶ್ರೀಮತಿ ... ಜನ್ಮ ಪ್ರಮಾಣ ಪತ್ರ ಸಂಬಂಧ ಹೆಸರು ನೋಂದಣಿ ಕುರಿತು ಅರ್ಜಿ ಸಲ್ಲಿಸಿರುತ್ತಾರೆ. ಈ ಬಗ್ಗೆ ಆಕ್ಷೇಪಣೆ ಇದ್ದಲ್ಲಿ ನಿಗದಿತ ದಿನಾಂಕದಂದು ಬೆಳಿಗ್ಗೆ 11:00 ಗಂಟೆಗೆ ನ್ಯಾಯಾಲಯಕ್ಕೆ ಖುದ್ದಾಗಿ ಅಥವಾ ವಕೀಲರ ಮೂಲಕ ಹಾಜರಾಗಿ ಆಕ್ಷೇಪಣೆ ಸಲ್ಲಿಸಬಹುದು. ತಪ್ಪಿದಲ್ಲಿ ಪ್ರಕರಣವನ್ನು ಏಕಪಕ್ಷೀಯವಾಗಿ ತೀರ್ಮಾನಿಸಲಾಗುವುದು. ನ್ಯಾಯಾಲಯದ ಆದೇಶದ ಮೇರೆಗೆ, ಅರ್ಜಿದಾರರ ಪರ ವಕೀಲರು.
ದಿನಾಂಕ: 22-04-2026
ಮಾನ್ಯ ಹಿರಿಯ ಸಿವಿಲ್ ನ್ಯಾಯಾಧೀಶರ ನ್ಯಾಯಾಲಯ, ಹಾಸನ
ಮಿ.ಪ್ರ.ಸಂ: 202/2027
ಅರ್ಜಿದಾರರು: ಶ್ರೀ/ಶ್ರೀಮತಿ ... ಜನ್ಮ ಪ್ರಮಾಣ ಪತ್ರ ಸಂಬಂಧ ಹೆಸರು ನೋಂದಣಿ ಕುರಿತು ಅರ್ಜಿ ಸಲ್ಲಿಸಿರುತ್ತಾರೆ. ಈ ಬಗ್ಗೆ ಆಕ್ಷೇಪಣೆ ಇದ್ದಲ್ಲಿ ನಿಗದಿತ ದಿನಾಂಕದಂದು ಬೆಳಿಗ್ಗೆ 11:00 ಗಂಟೆಗೆ ನ್ಯಾಯಾಲಯಕ್ಕೆ ಖುದ್ದಾಗಿ ಅಥವಾ ವಕೀಲರ ಮೂಲಕ ಹಾಜರಾಗಿ ಆಕ್ಷೇಪಣೆ ಸಲ್ಲಿಸಬಹುದು. ತಪ್ಪಿದಲ್ಲಿ ಪ್ರಕರಣವನ್ನು ಏಕಪಕ್ಷೀಯವಾಗಿ ತೀರ್ಮಾನಿಸಲಾಗುವುದು. ನ್ಯಾಯಾಲಯದ ಆದೇಶದ ಮೇರೆಗೆ, ಅರ್ಜಿದಾರರ ಪರ ವಕೀಲರು. ಅರ್ಜಿದಾರರು: ಶ್ರೀ/ಶ್ರೀಮತಿ ... ಜನ್ಮ ಪ್ರಮಾಣ ಪತ್ರ ಸಂಬಂಧ ಹೆಸರು ನೋಂದಣಿ ಕುರಿತು ಅರ್ಜಿ ಸಲ್ಲಿಸಿರುತ್ತಾರೆ. ಈ ಬಗ್ಗೆ ಆಕ್ಷೇಪಣೆ ಇದ್ದಲ್ಲಿ ನಿಗದಿತ ದಿನಾಂಕದಂದು ಬೆಳಿಗ್ಗೆ 11:00 ಗಂಟೆಗೆ ನ್ಯಾಯಾಲಯಕ್ಕೆ ಖುದ್ದಾಗಿ ಅಥವಾ ವಕೀಲರ ಮೂಲಕ ಹಾಜರಾಗಿ ಆಕ್ಷೇಪಣೆ ಸಲ್ಲಿಸಬಹುದು. ತಪ್ಪಿದಲ್ಲಿ ಪ್ರಕರಣವನ್ನು ಏಕಪಕ್ಷೀಯವಾಗಿ ತೀರ್ಮಾನಿಸಲಾಗುವುದು. ನ್ಯಾಯಾಲಯದ ಆದೇಶದ ಮೇರೆಗೆ, ಅರ್ಜಿದಾರರ ಪರ ವಕೀಲರು. ಅರ್ಜಿದಾರರು: ಶ್ರೀ/ಶ್ರೀಮತಿ ... ಜನ್ಮ ಪ್ರಮಾಣ ಪತ್ರ ಸಂಬಂಧ ಹೆಸರು ನೋಂದಣಿ ಕುರಿತು ಅರ್ಜಿ ಸಲ್ಲಿಸಿರುತ್ತಾರೆ. ಈ ಬಗ್ಗೆ ಆಕ್ಷೇಪಣೆ ಇದ್ದಲ್ಲಿ ನಿಗದಿತ ದಿನಾಂಕದಂದು ಬೆಳಿಗ್ಗೆ 11:00 ಗಂಟೆಗೆ ನ್ಯಾಯಾಲಯಕ್ಕೆ ಖುದ್ದಾಗಿ ಅಥವಾ ವಕೀಲರ ಮೂಲಕ ಹಾಜರಾಗಿ ಆಕ್ಷೇಪಣೆ ಸಲ್ಲಿಸಬಹುದು. ತಪ್ಪಿದಲ್ಲಿ ಪ್ರಕರಣವನ್ನು ಏಕಪಕ್ಷೀಯವಾಗಿ ತೀರ್ಮಾನಿಸಲಾಗುವುದು. ನ್ಯಾಯಾಲಯದ ಆದೇಶದ ಮೇರೆಗೆ, ಅರ್ಜಿದಾರರ ಪರ ವಕೀಲರು.
ದಿನಾಂಕ: 22-04-2026
ಮಾನ್ಯ ಹಿರಿಯ ಸಿವಿಲ್ ನ್ಯಾಯಾಧೀಶರ ನ್ಯಾಯಾಲಯ, ಹಾಸನ
ಮಿ.ಪ್ರ.ಸಂ: 643/2026
ಅರ್ಜಿದಾರರು: ಶ್ರೀ/ಶ್ರೀಮತಿ ... ಜನ್ಮ ಪ್ರಮಾಣ ಪತ್ರ ಸಂಬಂಧ ಹೆಸರು ನೋಂದಣಿ ಕುರಿತು ಅರ್ಜಿ ಸಲ್ಲಿಸಿರುತ್ತಾರೆ. ಈ ಬಗ್ಗೆ ಆಕ್ಷೇಪಣೆ ಇದ್ದಲ್ಲಿ ನಿಗದಿತ ದಿನಾಂಕದಂದು ಬೆಳಿಗ್ಗೆ 11:00 ಗಂಟೆಗೆ ನ್ಯಾಯಾಲಯಕ್ಕೆ ಖುದ್ದಾಗಿ ಅಥವಾ ವಕೀಲರ ಮೂಲಕ ಹಾಜರಾಗಿ ಆಕ್ಷೇಪಣೆ ಸಲ್ಲಿಸಬಹುದು. ತಪ್ಪಿದಲ್ಲಿ ಪ್ರಕರಣವನ್ನು ಏಕಪಕ್ಷೀಯವಾಗಿ ತೀರ್ಮಾನಿಸಲಾಗುವುದು. ನ್ಯಾಯಾಲಯದ ಆದೇಶದ ಮೇರೆಗೆ, ಅರ್ಜಿದಾರರ ಪರ ವಕೀಲರು. ಅರ್ಜಿದಾರರು: ಶ್ರೀ/ಶ್ರೀಮತಿ ... ಜನ್ಮ ಪ್ರಮಾಣ ಪತ್ರ ಸಂಬಂಧ ಹೆಸರು ನೋಂದಣಿ ಕುರಿತು ಅರ್ಜಿ ಸಲ್ಲಿಸಿರುತ್ತಾರೆ. ಈ ಬಗ್ಗೆ ಆಕ್ಷೇಪಣೆ ಇದ್ದಲ್ಲಿ ನಿಗದಿತ ದಿನಾಂಕದಂದು ಬೆಳಿಗ್ಗೆ 11:00 ಗಂಟೆಗೆ ನ್ಯಾಯಾಲಯಕ್ಕೆ ಖುದ್ದಾಗಿ ಅಥವಾ ವಕೀಲರ ಮೂಲಕ ಹಾಜರಾಗಿ ಆಕ್ಷೇಪಣೆ ಸಲ್ಲಿಸಬಹುದು. ತಪ್ಪಿದಲ್ಲಿ ಪ್ರಕರಣವನ್ನು ಏಕಪಕ್ಷೀಯವಾಗಿ ತೀರ್ಮಾನಿಸಲಾಗುವುದು. ನ್ಯಾಯಾಲಯದ ಆದೇಶದ ಮೇರೆಗೆ, ಅರ್ಜಿದಾರರ ಪರ ವಕೀಲರು.
ದಿನಾಂಕ: 22-04-2026
ಮಾನ್ಯ ಹಿರಿಯ ಸಿವಿಲ್ ನ್ಯಾಯಾಧೀಶರ ನ್ಯಾಯಾಲಯ, ಹಾಸನ
ಮಿ.ಪ್ರ.ಸಂ: 111/2026
ಅರ್ಜಿದಾರರು: ಶ್ರೀ/ಶ್ರೀಮತಿ ... ಜನ್ಮ ಪ್ರಮಾಣ ಪತ್ರ ಸಂಬಂಧ ಹೆಸರು ನೋಂದಣಿ ಕುರಿತು ಅರ್ಜಿ ಸಲ್ಲಿಸಿರುತ್ತಾರೆ. ಈ ಬಗ್ಗೆ ಆಕ್ಷೇಪಣೆ ಇದ್ದಲ್ಲಿ ನಿಗದಿತ ದಿನಾಂಕದಂದು ಬೆಳಿಗ್ಗೆ 11:00 ಗಂಟೆಗೆ ನ್ಯಾಯಾಲಯಕ್ಕೆ ಖುದ್ದಾಗಿ ಅಥವಾ ವಕೀಲರ ಮೂಲಕ ಹಾಜರಾಗಿ ಆಕ್ಷೇಪಣೆ ಸಲ್ಲಿಸಬಹುದು. ತಪ್ಪಿದಲ್ಲಿ ಪ್ರಕರಣವನ್ನು ಏಕಪಕ್ಷೀಯವಾಗಿ ತೀರ್ಮಾನಿಸಲಾಗುವುದು. ನ್ಯಾಯಾಲಯದ ಆದೇಶದ ಮೇರೆಗೆ, ಅರ್ಜಿದಾರರ ಪರ ವಕೀಲರು.
ದಿನಾಂಕ: 22-04-2026
ಮಾನ್ಯ ಹಿರಿಯ ಸಿವಿಲ್ ನ್ಯಾಯಾಧೀಶರ ನ್ಯಾಯಾಲಯ, ಹಾಸನ
ಅರ್ಜಿದಾರರು: ಶ್ರೀ/ಶ್ರೀಮತಿ ... ಜನ್ಮ ಪ್ರಮಾಣ ಪತ್ರ ಸಂಬಂಧ ಹೆಸರು ನೋಂದಣಿ ಕುರಿತು ಅರ್ಜಿ ಸಲ್ಲಿಸಿರುತ್ತಾರೆ. ಈ ಬಗ್ಗೆ ಆಕ್ಷೇಪಣೆ ಇದ್ದಲ್ಲಿ ನಿಗದಿತ ದಿನಾಂಕದಂದು ಬೆಳಿಗ್ಗೆ 11:00 ಗಂಟೆಗೆ ನ್ಯಾಯಾಲಯಕ್ಕೆ ಖುದ್ದಾಗಿ ಅಥವಾ ವಕೀಲರ ಮೂಲಕ ಹಾಜರಾಗಿ ಆಕ್ಷೇಪಣೆ ಸಲ್ಲಿಸಬಹುದು. ತಪ್ಪಿದಲ್ಲಿ ಪ್ರಕರಣವನ್ನು ಏಕಪಕ್ಷೀಯವಾಗಿ ತೀರ್ಮಾನಿಸಲಾಗುವುದು. ನ್ಯಾಯಾಲಯದ ಆದೇಶದ ಮೇರೆಗೆ, ಅರ್ಜಿದಾರರ ಪರ ವಕೀಲರು.
ಮಾನ್ಯ ಹಿರಿಯ ಸಿವಿಲ್ ನ್ಯಾಯಾಧೀಶರ ನ್ಯಾಯಾಲಯ, ಹಾಸನ
ಮಿ.ಪ್ರ.ಸಂ: 645/2026
ಅರ್ಜಿದಾರರು: ಶ್ರೀ/ಶ್ರೀಮತಿ ... ಜನ್ಮ ಪ್ರಮಾಣ ಪತ್ರ ಸಂಬಂಧ ಹೆಸರು ನೋಂದಣಿ ಕುರಿತು ಅರ್ಜಿ ಸಲ್ಲಿಸಿರುತ್ತಾರೆ. ಈ ಬಗ್ಗೆ ಆಕ್ಷೇಪಣೆ ಇದ್ದಲ್ಲಿ ನಿಗದಿತ ದಿನಾಂಕದಂದು ಬೆಳಿಗ್ಗೆ 11:00 ಗಂಟೆಗೆ ನ್ಯಾಯಾಲಯಕ್ಕೆ ಖುದ್ದಾಗಿ ಅಥವಾ ವಕೀಲರ ಮೂಲಕ ಹಾಜರಾಗಿ ಆಕ್ಷೇಪಣೆ ಸಲ್ಲಿಸಬಹುದು. ತಪ್ಪಿದಲ್ಲಿ ಪ್ರಕರಣವನ್ನು ಏಕಪಕ್ಷೀಯವಾಗಿ ತೀರ್ಮಾನಿಸಲಾಗುವುದು. ನ್ಯಾಯಾಲಯದ ಆದೇಶದ ಮೇರೆಗೆ, ಅರ್ಜಿದಾರರ ಪರ ವಕೀಲರು. ಅರ್ಜಿದಾರರು: ಶ್ರೀ/ಶ್ರೀಮತಿ ... ಜನ್ಮ ಪ್ರಮಾಣ ಪತ್ರ ಸಂಬಂಧ ಹೆಸರು ನೋಂದಣಿ ಕುರಿತು ಅರ್ಜಿ ಸಲ್ಲಿಸಿರುತ್ತಾರೆ. ಈ ಬಗ್ಗೆ ಆಕ್ಷೇಪಣೆ ಇದ್ದಲ್ಲಿ ನಿಗದಿತ ದಿನಾಂಕದಂದು ಬೆಳಿಗ್ಗೆ 11:00 ಗಂಟೆಗೆ ನ್ಯಾಯಾಲಯಕ್ಕೆ ಖುದ್ದಾಗಿ ಅಥವಾ ವಕೀಲರ ಮೂಲಕ ಹಾಜರಾಗಿ ಆಕ್ಷೇಪಣೆ ಸಲ್ಲಿಸಬಹುದು. ತಪ್ಪಿದಲ್ಲಿ ಪ್ರಕರಣವನ್ನು ಏಕಪಕ್ಷೀಯವಾಗಿ ತೀರ್ಮಾನಿಸಲಾಗುವುದು. ನ್ಯಾಯಾಲಯದ ಆದೇಶದ ಮೇರೆಗೆ, ಅರ್ಜಿದಾರರ ಪರ ವಕೀಲರು.
ದಿನಾಂಕ: 22-04-2026
ದಿನಾಂಕ: 22-04-2026
ವೈದ್ಯಕೀಯ ಆವಿಷ್ಕಾರಗಳ ಬಗ್ಗೆ ಅರಿವು ಅಗತ್ಯ
ಅರಸೀಕೆರೆ: ಪ್ರೌಢಶಾಲೆಯಲ್ಲಿ ಎಂಬುದು ವಿದ್ಯಾರ್ಥಿ ಜೀವನದಲ್ಲಿ ಪರಿಕ್ಷೆಯ ಮಟ್ಟ ನಡೆಯುವ ಹಿಡಿತ ಮಾತ್ರವಲ್ಲ, ಬದುಕಿನಲ್ಲಿ ಎದುರಾಗುವ ಸವಾಲುಗಳನ್ನು ಎದುರಿಸಲು ಸನ್ನದ್ಧರಾಗಬೇಕು ಎಂದು ಕಾರ್ಯಕ್ರಮದಲ್ಲಿ ತಿಳಿಸಲಾಯಿತು. ವಿದ್ಯಾರ್ಥಿಗಳು ಹೊಸ ಆವಿಷ್ಕಾರಗಳ ಬಗ್ಗೆ ಅರಿವು ಮೂಡಿಸಿಕೊಳ್ಳಬೇಕು. ವಿಜ್ಞಾನ ಮತ್ತು ತಂತ್ರಜ್ಞಾನ ಕ್ಷೇತ್ರದಲ್ಲಿ ಸಾಕಷ್ಟು ಬದಲಾವಣೆಗಳು ಆಗುತ್ತಿದ್ದು, ವೈದ್ಯಕೀಯ ಕ್ಷೇತ್ರದಲ್ಲಿ ಅನೇಕ ಹೊಸ ಆವಿಷ್ಕಾರಗಳು ನಡೆದಿವೆ. ಅವುಗಳ ಬಗ್ಗೆ ತಿಳಿದುಕೊಂಡು ಜೀವನದಲ್ಲಿ ಉತ್ತಮ ಸಾಧನೆ ಮಾಡಬೇಕು. ನಿಯಮಿತ ಆರೋಗ್ಯ ತಪಾಸಣೆ, ಉತ್ತಮ ಆಹಾರ ಪದ್ಧತಿ ಹಾಗೂ ವ್ಯಾಯಾಮ ಆರೋಗ್ಯಕರ ಜೀವನಕ್ಕೆ ಅಗತ್ಯ ಎಂದು ವೈದ್ಯರು ಸಲಹೆ ನೀಡಿದರು. ನಗರದ ಅನೇಕ ಶಾಲೆಗಳ ವಿದ್ಯಾರ್ಥಿಗಳು, ಶಿಕ್ಷಕರು ಹಾಗೂ ಪೋಷಕರು ಕಾರ್ಯಕ್ರಮದಲ್ಲಿ ಪಾಲ್ಗೊಂಡು ಮಾಹಿತಿ ಪಡೆದುಕೊಂಡರು. ನಂತರ ವಿದ್ಯಾರ್ಥಿಗಳಿಗೆ ಪ್ರಶ್ನೋತ್ತರ ಕಾರ್ಯಕ್ರಮ ನಡೆಸಲಾಯಿತು.
ಮಾನ್ಯ ಹಿರಿಯ ಸಿವಿಲ್ ನ್ಯಾಯಾಧೀಶರ ನ್ಯಾಯಾಲಯ, ಹಾಸನ
ಮಿ.ಪ್ರ.ಸಂ: 108/2026
ಅರ್ಜಿದಾರರು: ಶ್ರೀ/ಶ್ರೀಮತಿ ... ಜನ್ಮ ಪ್ರಮಾಣ ಪತ್ರ ಸಂಬಂಧ ಹೆಸರು ನೋಂದಣಿ ಕುರಿತು ಅರ್ಜಿ ಸಲ್ಲಿಸಿರುತ್ತಾರೆ. ಈ ಬಗ್ಗೆ ಆಕ್ಷೇಪಣೆ ಇದ್ದಲ್ಲಿ ನಿಗದಿತ ದಿನಾಂಕದಂದು ಬೆಳಿಗ್ಗೆ 11:00 ಗಂಟೆಗೆ ನ್ಯಾಯಾಲಯಕ್ಕೆ ಖುದ್ದಾಗಿ ಅಥವಾ ವಕೀಲರ ಮೂಲಕ ಹಾಜರಾಗಿ ಆಕ್ಷೇಪಣೆ ಸಲ್ಲಿಸಬಹುದು. ತಪ್ಪಿದಲ್ಲಿ ಪ್ರಕರಣವನ್ನು ಏಕಪಕ್ಷೀಯವಾಗಿ ತೀರ್ಮಾನಿಸಲಾಗುವುದು. ನ್ಯಾಯಾಲಯದ ಆದೇಶದ ಮೇರೆಗೆ, ಅರ್ಜಿದಾರರ ಪರ ವಕೀಲರು. ಅರ್ಜಿದಾರರು: ಶ್ರೀ/ಶ್ರೀಮತಿ ... ಜನ್ಮ ಪ್ರಮಾಣ ಪತ್ರ ಸಂಬಂಧ ಹೆಸರು ನೋಂದಣಿ ಕುರಿತು ಅರ್ಜಿ ಸಲ್ಲಿಸಿರುತ್ತಾರೆ. ಈ ಬಗ್ಗೆ ಆಕ್ಷೇಪಣೆ ಇದ್ದಲ್ಲಿ ನಿಗದಿತ ದಿನಾಂಕದಂದು ಬೆಳಿಗ್ಗೆ 11:00 ಗಂಟೆಗೆ ನ್ಯಾಯಾಲಯಕ್ಕೆ ಖುದ್ದಾಗಿ ಅಥವಾ ವಕೀಲರ ಮೂಲಕ ಹಾಜರಾಗಿ ಆಕ್ಷೇಪಣೆ ಸಲ್ಲಿಸಬಹುದು. ತಪ್ಪಿದಲ್ಲಿ ಪ್ರಕರಣವನ್ನು ಏಕಪಕ್ಷೀಯವಾಗಿ ತೀರ್ಮಾನಿಸಲಾಗುವುದು. ನ್ಯಾಯಾಲಯದ ಆದೇಶದ ಮೇರೆಗೆ, ಅರ್ಜಿದಾರರ ಪರ ವಕೀಲರು. ಅರ್ಜಿದಾರರು: ಶ್ರೀ/ಶ್ರೀಮತಿ ... ಜನ್ಮ ಪ್ರಮಾಣ ಪತ್ರ ಸಂಬಂಧ ಹೆಸರು ನೋಂದಣಿ ಕುರಿತು ಅರ್ಜಿ ಸಲ್ಲಿಸಿರುತ್ತಾರೆ. ಈ ಬಗ್ಗೆ ಆಕ್ಷೇಪಣೆ ಇದ್ದಲ್ಲಿ ನಿಗದಿತ ದಿನಾಂಕದಂದು ಬೆಳಿಗ್ಗೆ 11:00 ಗಂಟೆಗೆ ನ್ಯಾಯಾಲಯಕ್ಕೆ ಖುದ್ದಾಗಿ ಅಥವಾ ವಕೀಲರ ಮೂಲಕ ಹಾಜರಾಗಿ ಆಕ್ಷೇಪಣೆ ಸಲ್ಲಿಸಬಹುದು. ತಪ್ಪಿದಲ್ಲಿ ಪ್ರಕರಣವನ್ನು ಏಕಪಕ್ಷೀಯವಾಗಿ ತೀರ್ಮಾನಿಸಲಾಗುವುದು. ನ್ಯಾಯಾಲಯದ ಆದೇಶದ ಮೇರೆಗೆ, ಅರ್ಜಿದಾರರ ಪರ ವಕೀಲರು.
ದಿನಾಂಕ: 22-04-2026
ಮಾನ್ಯ ಹಿರಿಯ ಸಿವಿಲ್ ನ್ಯಾಯಾಧೀಶರ ನ್ಯಾಯಾಲಯ, ಹಾಸನ
ಮಿ.ಪ್ರ.ಸಂ: 656/2026
ಅರ್ಜಿದಾರರು: ಶ್ರೀ/ಶ್ರೀಮತಿ ... ಜನ್ಮ ಪ್ರಮಾಣ ಪತ್ರ ಸಂಬಂಧ ಹೆಸರು ನೋಂದಣಿ ಕುರಿತು ಅರ್ಜಿ ಸಲ್ಲಿಸಿರುತ್ತಾರೆ. ಈ ಬಗ್ಗೆ ಆಕ್ಷೇಪಣೆ ಇದ್ದಲ್ಲಿ ನಿಗದಿತ ದಿನಾಂಕದಂದು ಬೆಳಿಗ್ಗೆ 11:00 ಗಂಟೆಗೆ ನ್ಯಾಯಾಲಯಕ್ಕೆ ಖುದ್ದಾಗಿ ಅಥವಾ ವಕೀಲರ ಮೂಲಕ ಹಾಜರಾಗಿ ಆಕ್ಷೇಪಣೆ ಸಲ್ಲಿಸಬಹುದು. ತಪ್ಪಿದಲ್ಲಿ ಪ್ರಕರಣವನ್ನು ಏಕಪಕ್ಷೀಯವಾಗಿ ತೀರ್ಮಾನಿಸಲಾಗುವುದು. ನ್ಯಾಯಾಲಯದ ಆದೇಶದ ಮೇರೆಗೆ, ಅರ್ಜಿದಾರರ ಪರ ವಕೀಲರು. ಅರ್ಜಿದಾರರು: ಶ್ರೀ/ಶ್ರೀಮತಿ ... ಜನ್ಮ ಪ್ರಮಾಣ ಪತ್ರ ಸಂಬಂಧ ಹೆಸರು ನೋಂದಣಿ ಕುರಿತು ಅರ್ಜಿ ಸಲ್ಲಿಸಿರುತ್ತಾರೆ. ಈ ಬಗ್ಗೆ ಆಕ್ಷೇಪಣೆ ಇದ್ದಲ್ಲಿ ನಿಗದಿತ ದಿನಾಂಕದಂದು ಬೆಳಿಗ್ಗೆ 11:00 ಗಂಟೆಗೆ ನ್ಯಾಯಾಲಯಕ್ಕೆ ಖುದ್ದಾಗಿ ಅಥವಾ ವಕೀಲರ ಮೂಲಕ ಹಾಜರಾಗಿ ಆಕ್ಷೇಪಣೆ ಸಲ್ಲಿಸಬಹುದು. ತಪ್ಪಿದಲ್ಲಿ ಪ್ರಕರಣವನ್ನು ಏಕಪಕ್ಷೀಯವಾಗಿ ತೀರ್ಮಾನಿಸಲಾಗುವುದು. ನ್ಯಾಯಾಲಯದ ಆದೇಶದ ಮೇರೆಗೆ, ಅರ್ಜಿದಾರರ ಪರ ವಕೀಲರು. ಅರ್ಜಿದಾರರು: ಶ್ರೀ/ಶ್ರೀಮತಿ ... ಜನ್ಮ ಪ್ರಮಾಣ ಪತ್ರ ಸಂಬಂಧ ಹೆಸರು ನೋಂದಣಿ ಕುರಿತು ಅರ್ಜಿ ಸಲ್ಲಿಸಿರುತ್ತಾರೆ. ಈ ಬಗ್ಗೆ ಆಕ್ಷೇಪಣೆ ಇದ್ದಲ್ಲಿ ನಿಗದಿತ ದಿನಾಂಕದಂದು ಬೆಳಿಗ್ಗೆ 11:00 ಗಂಟೆಗೆ ನ್ಯಾಯಾಲಯಕ್ಕೆ ಖುದ್ದಾಗಿ ಅಥವಾ ವಕೀಲರ ಮೂಲಕ ಹಾಜರಾಗಿ ಆಕ್ಷೇಪಣೆ ಸಲ್ಲಿಸಬಹುದು. ತಪ್ಪಿದಲ್ಲಿ ಪ್ರಕರಣವನ್ನು ಏಕಪಕ್ಷೀಯವಾಗಿ ತೀರ್ಮಾನಿಸಲಾಗುವುದು. ನ್ಯಾಯಾಲಯದ ಆದೇಶದ ಮೇರೆಗೆ, ಅರ್ಜಿದಾರರ ಪರ ವಕೀಲರು.
ದಿನಾಂಕ: 22-04-2026
ಮಾನ್ಯ ಹಿರಿಯ ಸಿವಿಲ್ ನ್ಯಾಯಾಧೀಶರ ನ್ಯಾಯಾಲಯ, ಹಾಸನ
ಮಿ.ಪ್ರ.ಸಂ: 109/2026
ಅರ್ಜಿದಾರರು: ಶ್ರೀ/ಶ್ರೀಮತಿ ... ಜನ್ಮ ಪ್ರಮಾಣ ಪತ್ರ ಸಂಬಂಧ ಹೆಸರು ನೋಂದಣಿ ಕುರಿತು ಅರ್ಜಿ ಸಲ್ಲಿಸಿರುತ್ತಾರೆ. ಈ ಬಗ್ಗೆ ಆಕ್ಷೇಪಣೆ ಇದ್ದಲ್ಲಿ ನಿಗದಿತ ದಿನಾಂಕದಂದು ಬೆಳಿಗ್ಗೆ 11:00 ಗಂಟೆಗೆ ನ್ಯಾಯಾಲಯಕ್ಕೆ ಖುದ್ದಾಗಿ ಅಥವಾ ವಕೀಲರ ಮೂಲಕ ಹಾಜರಾಗಿ ಆಕ್ಷೇಪಣೆ ಸಲ್ಲಿಸಬಹುದು. ತಪ್ಪಿದಲ್ಲಿ ಪ್ರಕರಣವನ್ನು ಏಕಪಕ್ಷೀಯವಾಗಿ ತೀರ್ಮಾನಿಸಲಾಗುವುದು. ನ್ಯಾಯಾಲಯದ ಆದೇಶದ ಮೇರೆಗೆ, ಅರ್ಜಿದಾರರ ಪರ ವಕೀಲರು. ಅರ್ಜಿದಾರರು: ಶ್ರೀ/ಶ್ರೀಮತಿ ... ಜನ್ಮ ಪ್ರಮಾಣ ಪತ್ರ ಸಂಬಂಧ ಹೆಸರು ನೋಂದಣಿ ಕುರಿತು ಅರ್ಜಿ ಸಲ್ಲಿಸಿರುತ್ತಾರೆ. ಈ ಬಗ್ಗೆ ಆಕ್ಷೇಪಣೆ ಇದ್ದಲ್ಲಿ ನಿಗದಿತ ದಿನಾಂಕದಂದು ಬೆಳಿಗ್ಗೆ 11:00 ಗಂಟೆಗೆ ನ್ಯಾಯಾಲಯಕ್ಕೆ ಖುದ್ದಾಗಿ ಅಥವಾ ವಕೀಲರ ಮೂಲಕ ಹಾಜರಾಗಿ ಆಕ್ಷೇಪಣೆ ಸಲ್ಲಿಸಬಹುದು. ತಪ್ಪಿದಲ್ಲಿ ಪ್ರಕರಣವನ್ನು ಏಕಪಕ್ಷೀಯವಾಗಿ ತೀರ್ಮಾನಿಸಲಾಗುವುದು. ನ್ಯಾಯಾಲಯದ ಆದೇಶದ ಮೇರೆಗೆ, ಅರ್ಜಿದಾರರ ಪರ ವಕೀಲರು. ಅರ್ಜಿದಾರರು: ಶ್ರೀ/ಶ್ರೀಮತಿ ... ಜನ್ಮ ಪ್ರಮಾಣ ಪತ್ರ ಸಂಬಂಧ ಹೆಸರು ನೋಂದಣಿ ಕುರಿತು ಅರ್ಜಿ ಸಲ್ಲಿಸಿರುತ್ತಾರೆ. ಈ ಬಗ್ಗೆ ಆಕ್ಷೇಪಣೆ ಇದ್ದಲ್ಲಿ ನಿಗದಿತ ದಿನಾಂಕದಂದು ಬೆಳಿಗ್ಗೆ 11:00 ಗಂಟೆಗೆ ನ್ಯಾಯಾಲಯಕ್ಕೆ ಖುದ್ದಾಗಿ ಅಥವಾ ವಕೀಲರ ಮೂಲಕ ಹಾಜರಾಗಿ ಆಕ್ಷೇಪಣೆ ಸಲ್ಲಿಸಬಹುದು. ತಪ್ಪಿದಲ್ಲಿ ಪ್ರಕರಣವನ್ನು ಏಕಪಕ್ಷೀಯವಾಗಿ ತೀರ್ಮಾನಿಸಲಾಗುವುದು. ನ್ಯಾಯಾಲಯದ ಆದೇಶದ ಮೇರೆಗೆ, ಅರ್ಜಿದಾರರ ಪರ ವಕೀಲರು.
ದಿನಾಂಕ: 22-04-2026
ಮಾನ್ಯ ಹಿರಿಯ ಸಿವಿಲ್ ನ್ಯಾಯಾಧೀಶರ ನ್ಯಾಯಾಲಯ, ಹಾಸನ
ಮಿ.ಪ್ರ.ಸಂ: 113/2026
ಅರ್ಜಿದಾರರು: ಶ್ರೀ/ಶ್ರೀಮತಿ ... ಜನ್ಮ ಪ್ರಮಾಣ ಪತ್ರ ಸಂಬಂಧ ಹೆಸರು ನೋಂದಣಿ ಕುರಿತು ಅರ್ಜಿ ಸಲ್ಲಿಸಿರುತ್ತಾರೆ. ಈ ಬಗ್ಗೆ ಆಕ್ಷೇಪಣೆ ಇದ್ದಲ್ಲಿ ನಿಗದಿತ ದಿನಾಂಕದಂದು ಬೆಳಿಗ್ಗೆ 11:00 ಗಂಟೆಗೆ ನ್ಯಾಯಾಲಯಕ್ಕೆ ಖುದ್ದಾಗಿ ಅಥವಾ ವಕೀಲರ ಮೂಲಕ ಹಾಜರಾಗಿ ಆಕ್ಷೇಪಣೆ ಸಲ್ಲಿಸಬಹುದು. ತಪ್ಪಿದಲ್ಲಿ ಪ್ರಕರಣವನ್ನು ಏಕಪಕ್ಷೀಯವಾಗಿ ತೀರ್ಮಾನಿಸಲಾಗುವುದು. ನ್ಯಾಯಾಲಯದ ಆದೇಶದ ಮೇರೆಗೆ, ಅರ್ಜಿದಾರರ ಪರ ವಕೀಲರು. ಅರ್ಜಿದಾರರು: ಶ್ರೀ/ಶ್ರೀಮತಿ ... ಜನ್ಮ ಪ್ರಮಾಣ ಪತ್ರ ಸಂಬಂಧ ಹೆಸರು ನೋಂದಣಿ ಕುರಿತು ಅರ್ಜಿ ಸಲ್ಲಿಸಿರುತ್ತಾರೆ. ಈ ಬಗ್ಗೆ ಆಕ್ಷೇಪಣೆ ಇದ್ದಲ್ಲಿ ನಿಗದಿತ ದಿನಾಂಕದಂದು ಬೆಳಿಗ್ಗೆ 11:00 ಗಂಟೆಗೆ ನ್ಯಾಯಾಲಯಕ್ಕೆ ಖುದ್ದಾಗಿ ಅಥವಾ ವಕೀಲರ ಮೂಲಕ ಹಾಜರಾಗಿ ಆಕ್ಷೇಪಣೆ ಸಲ್ಲಿಸಬಹುದು. ತಪ್ಪಿದಲ್ಲಿ ಪ್ರಕರಣವನ್ನು ಏಕಪಕ್ಷೀಯವಾಗಿ ತೀರ್ಮಾನಿಸಲಾಗುವುದು. ನ್ಯಾಯಾಲಯದ ಆದೇಶದ ಮೇರೆಗೆ, ಅರ್ಜಿದಾರರ ಪರ ವಕೀಲರು. ಅರ್ಜಿದಾರರು: ಶ್ರೀ/ಶ್ರೀಮತಿ ... ಜನ್ಮ ಪ್ರಮಾಣ ಪತ್ರ ಸಂಬಂಧ ಹೆಸರು ನೋಂದಣಿ ಕುರಿತು ಅರ್ಜಿ ಸಲ್ಲಿಸಿರುತ್ತಾರೆ. ಈ ಬಗ್ಗೆ ಆಕ್ಷೇಪಣೆ ಇದ್ದಲ್ಲಿ ನಿಗದಿತ ದಿನಾಂಕದಂದು ಬೆಳಿಗ್ಗೆ 11:00 ಗಂಟೆಗೆ ನ್ಯಾಯಾಲಯಕ್ಕೆ ಖುದ್ದಾಗಿ ಅಥವಾ ವಕೀಲರ ಮೂಲಕ ಹಾಜರಾಗಿ ಆಕ್ಷೇಪಣೆ ಸಲ್ಲಿಸಬಹುದು. ತಪ್ಪಿದಲ್ಲಿ ಪ್ರಕರಣವನ್ನು ಏಕಪಕ್ಷೀಯವಾಗಿ ತೀರ್ಮಾನಿಸಲಾಗುವುದು. ನ್ಯಾಯಾಲಯದ ಆದೇಶದ ಮೇರೆಗೆ, ಅರ್ಜಿದಾರರ ಪರ ವಕೀಲರು.
ದಿನಾಂಕ: 22-04-2026
ಮಾನ್ಯ ಹಿರಿಯ ಸಿವಿಲ್ ನ್ಯಾಯಾಧೀಶರ ನ್ಯಾಯಾಲಯ, ಹಾಸನ
ಮಿ.ಪ್ರ.ಸಂ: 110/2026
ಅರ್ಜಿದಾರರು: ಶ್ರೀ/ಶ್ರೀಮತಿ ... ಜನ್ಮ ಪ್ರಮಾಣ ಪತ್ರ ಸಂಬಂಧ ಹೆಸರು ನೋಂದಣಿ ಕುರಿತು ಅರ್ಜಿ ಸಲ್ಲಿಸಿರುತ್ತಾರೆ. ಈ ಬಗ್ಗೆ ಆಕ್ಷೇಪಣೆ ಇದ್ದಲ್ಲಿ ನಿಗದಿತ ದಿನಾಂಕದಂದು ಬೆಳಿಗ್ಗೆ 11:00 ಗಂಟೆಗೆ ನ್ಯಾಯಾಲಯಕ್ಕೆ ಖುದ್ದಾಗಿ ಅಥವಾ ವಕೀಲರ ಮೂಲಕ ಹಾಜರಾಗಿ ಆಕ್ಷೇಪಣೆ ಸಲ್ಲಿಸಬಹುದು. ತಪ್ಪಿದಲ್ಲಿ ಪ್ರಕರಣವನ್ನು ಏಕಪಕ್ಷೀಯವಾಗಿ ತೀರ್ಮಾನಿಸಲಾಗುವುದು. ನ್ಯಾಯಾಲಯದ ಆದೇಶದ ಮೇರೆಗೆ, ಅರ್ಜಿದಾರರ ಪರ ವಕೀಲರು. ಅರ್ಜಿದಾರರು: ಶ್ರೀ/ಶ್ರೀಮತಿ ... ಜನ್ಮ ಪ್ರಮಾಣ ಪತ್ರ ಸಂಬಂಧ ಹೆಸರು ನೋಂದಣಿ ಕುರಿತು ಅರ್ಜಿ ಸಲ್ಲಿಸಿರುತ್ತಾರೆ. ಈ ಬಗ್ಗೆ ಆಕ್ಷೇಪಣೆ ಇದ್ದಲ್ಲಿ ನಿಗದಿತ ದಿನಾಂಕದಂದು ಬೆಳಿಗ್ಗೆ 11:00 ಗಂಟೆಗೆ ನ್ಯಾಯಾಲಯಕ್ಕೆ ಖುದ್ದಾಗಿ ಅಥವಾ ವಕೀಲರ ಮೂಲಕ ಹಾಜರಾಗಿ ಆಕ್ಷೇಪಣೆ ಸಲ್ಲಿಸಬಹುದು. ತಪ್ಪಿದಲ್ಲಿ ಪ್ರಕರಣವನ್ನು ಏಕಪಕ್ಷೀಯವಾಗಿ ತೀರ್ಮಾನಿಸಲಾಗುವುದು. ನ್ಯಾಯಾಲಯದ ಆದೇಶದ ಮೇರೆಗೆ, ಅರ್ಜಿದಾರರ ಪರ ವಕೀಲರು. ಅರ್ಜಿದಾರರು: ಶ್ರೀ/ಶ್ರೀಮತಿ ... ಜನ್ಮ ಪ್ರಮಾಣ ಪತ್ರ ಸಂಬಂಧ ಹೆಸರು ನೋಂದಣಿ ಕುರಿತು ಅರ್ಜಿ ಸಲ್ಲಿಸಿರುತ್ತಾರೆ. ಈ ಬಗ್ಗೆ ಆಕ್ಷೇಪಣೆ ಇದ್ದಲ್ಲಿ ನಿಗದಿತ ದಿನಾಂಕದಂದು ಬೆಳಿಗ್ಗೆ 11:00 ಗಂಟೆಗೆ ನ್ಯಾಯಾಲಯಕ್ಕೆ ಖುದ್ದಾಗಿ ಅಥವಾ ವಕೀಲರ ಮೂಲಕ ಹಾಜರಾಗಿ ಆಕ್ಷೇಪಣೆ ಸಲ್ಲಿಸಬಹುದು. ತಪ್ಪಿದಲ್ಲಿ ಪ್ರಕರಣವನ್ನು ಏಕಪಕ್ಷೀಯವಾಗಿ ತೀರ್ಮಾನಿಸಲಾಗುವುದು. ನ್ಯಾಯಾಲಯದ ಆದೇಶದ ಮೇರೆಗೆ, ಅರ್ಜಿದಾರರ ಪರ ವಕೀಲರು.
ದಿನಾಂಕ: 22-04-2026
ಮಾನ್ಯ ಹಿರಿಯ ಸಿವಿಲ್ ನ್ಯಾಯಾಧೀಶರ ನ್ಯಾಯಾಲಯ, ಹಾಸನ
ಮಿ.ಪ್ರ.ಸಂ: 112/2026
ಅರ್ಜಿದಾರರು: ಶ್ರೀ/ಶ್ರೀಮತಿ ... ಜನ್ಮ ಪ್ರಮಾಣ ಪತ್ರ ಸಂಬಂಧ ಹೆಸರು ನೋಂದಣಿ ಕುರಿತು ಅರ್ಜಿ ಸಲ್ಲಿಸಿರುತ್ತಾರೆ. ಈ ಬಗ್ಗೆ ಆಕ್ಷೇಪಣೆ ಇದ್ದಲ್ಲಿ ನಿಗದಿತ ದಿನಾಂಕದಂದು ಬೆಳಿಗ್ಗೆ 11:00 ಗಂಟೆಗೆ ನ್ಯಾಯಾಲಯಕ್ಕೆ ಖುದ್ದಾಗಿ ಅಥವಾ ವಕೀಲರ ಮೂಲಕ ಹಾಜರಾಗಿ ಆಕ್ಷೇಪಣೆ ಸಲ್ಲಿಸಬಹುದು. ತಪ್ಪಿದಲ್ಲಿ ಪ್ರಕರಣವನ್ನು ಏಕಪಕ್ಷೀಯವಾಗಿ ತೀರ್ಮಾನಿಸಲಾಗುವುದು. ನ್ಯಾಯಾಲಯದ ಆದೇಶದ ಮೇರೆಗೆ, ಅರ್ಜಿದಾರರ ಪರ ವಕೀಲರು. ಅರ್ಜಿದಾರರು: ಶ್ರೀ/ಶ್ರೀಮತಿ ... ಜನ್ಮ ಪ್ರಮಾಣ ಪತ್ರ ಸಂಬಂಧ ಹೆಸರು ನೋಂದಣಿ ಕುರಿತು ಅರ್ಜಿ ಸಲ್ಲಿಸಿರುತ್ತಾರೆ. ಈ ಬಗ್ಗೆ ಆಕ್ಷೇಪಣೆ ಇದ್ದಲ್ಲಿ ನಿಗದಿತ ದಿನಾಂಕದಂದು ಬೆಳಿಗ್ಗೆ 11:00 ಗಂಟೆಗೆ ನ್ಯಾಯಾಲಯಕ್ಕೆ ಖುದ್ದಾಗಿ ಅಥವಾ ವಕೀಲರ ಮೂಲಕ ಹಾಜರಾಗಿ ಆಕ್ಷೇಪಣೆ ಸಲ್ಲಿಸಬಹುದು. ತಪ್ಪಿದಲ್ಲಿ ಪ್ರಕರಣವನ್ನು ಏಕಪಕ್ಷೀಯವಾಗಿ ತೀರ್ಮಾನಿಸಲಾಗುವುದು. ನ್ಯಾಯಾಲಯದ ಆದೇಶದ ಮೇರೆಗೆ, ಅರ್ಜಿದಾರರ ಪರ ವಕೀಲರು. ಅರ್ಜಿದಾರರು: ಶ್ರೀ/ಶ್ರೀಮತಿ ... ಜನ್ಮ ಪ್ರಮಾಣ ಪತ್ರ ಸಂಬಂಧ ಹೆಸರು ನೋಂದಣಿ ಕುರಿತು ಅರ್ಜಿ ಸಲ್ಲಿಸಿರುತ್ತಾರೆ. ಈ ಬಗ್ಗೆ ಆಕ್ಷೇಪಣೆ ಇದ್ದಲ್ಲಿ ನಿಗದಿತ ದಿನಾಂಕದಂದು ಬೆಳಿಗ್ಗೆ 11:00 ಗಂಟೆಗೆ ನ್ಯಾಯಾಲಯಕ್ಕೆ ಖುದ್ದಾಗಿ ಅಥವಾ ವಕೀಲರ ಮೂಲಕ ಹಾಜರಾಗಿ ಆಕ್ಷೇಪಣೆ ಸಲ್ಲಿಸಬಹುದು. ತಪ್ಪಿದಲ್ಲಿ ಪ್ರಕರಣವನ್ನು ಏಕಪಕ್ಷೀಯವಾಗಿ ತೀರ್ಮಾನಿಸಲಾಗುವುದು. ನ್ಯಾಯಾಲಯದ ಆದೇಶದ ಮೇರೆಗೆ, ಅರ್ಜಿದಾರರ ಪರ ವಕೀಲರು.
ದಿನಾಂಕ: 22-04-2026
